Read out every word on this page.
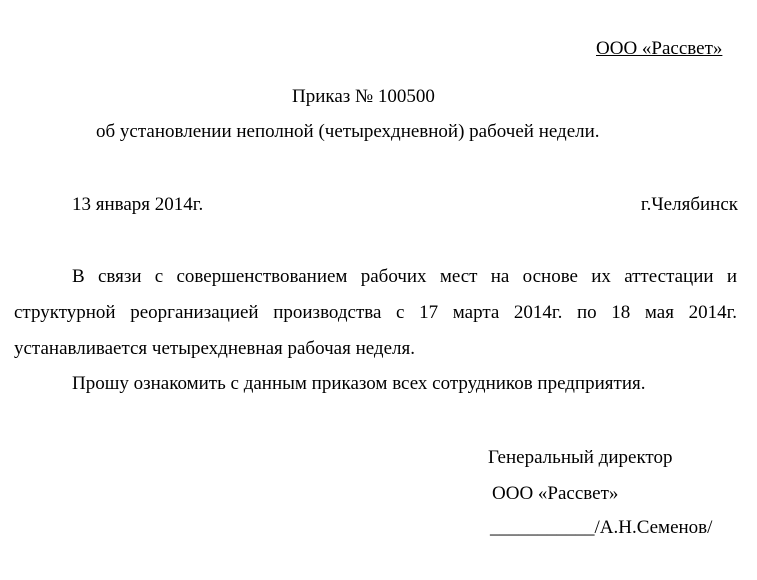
ООО «Рассвет»
Приказ № 100500
об установлении неполной (четырехдневной) рабочей недели.
13 января 2014г.	г.Челябинск
В связи с совершенствованием рабочих мест на основе их аттестации и
структурной реорганизацией производства с 17 марта 2014г. по 18 мая 2014г.
устанавливается четырехдневная рабочая неделя.
Прошу ознакомить с данным приказом всех сотрудников предприятия.
Генеральный директор
ООО «Рассвет»
___________/А.Н.Семенов/
